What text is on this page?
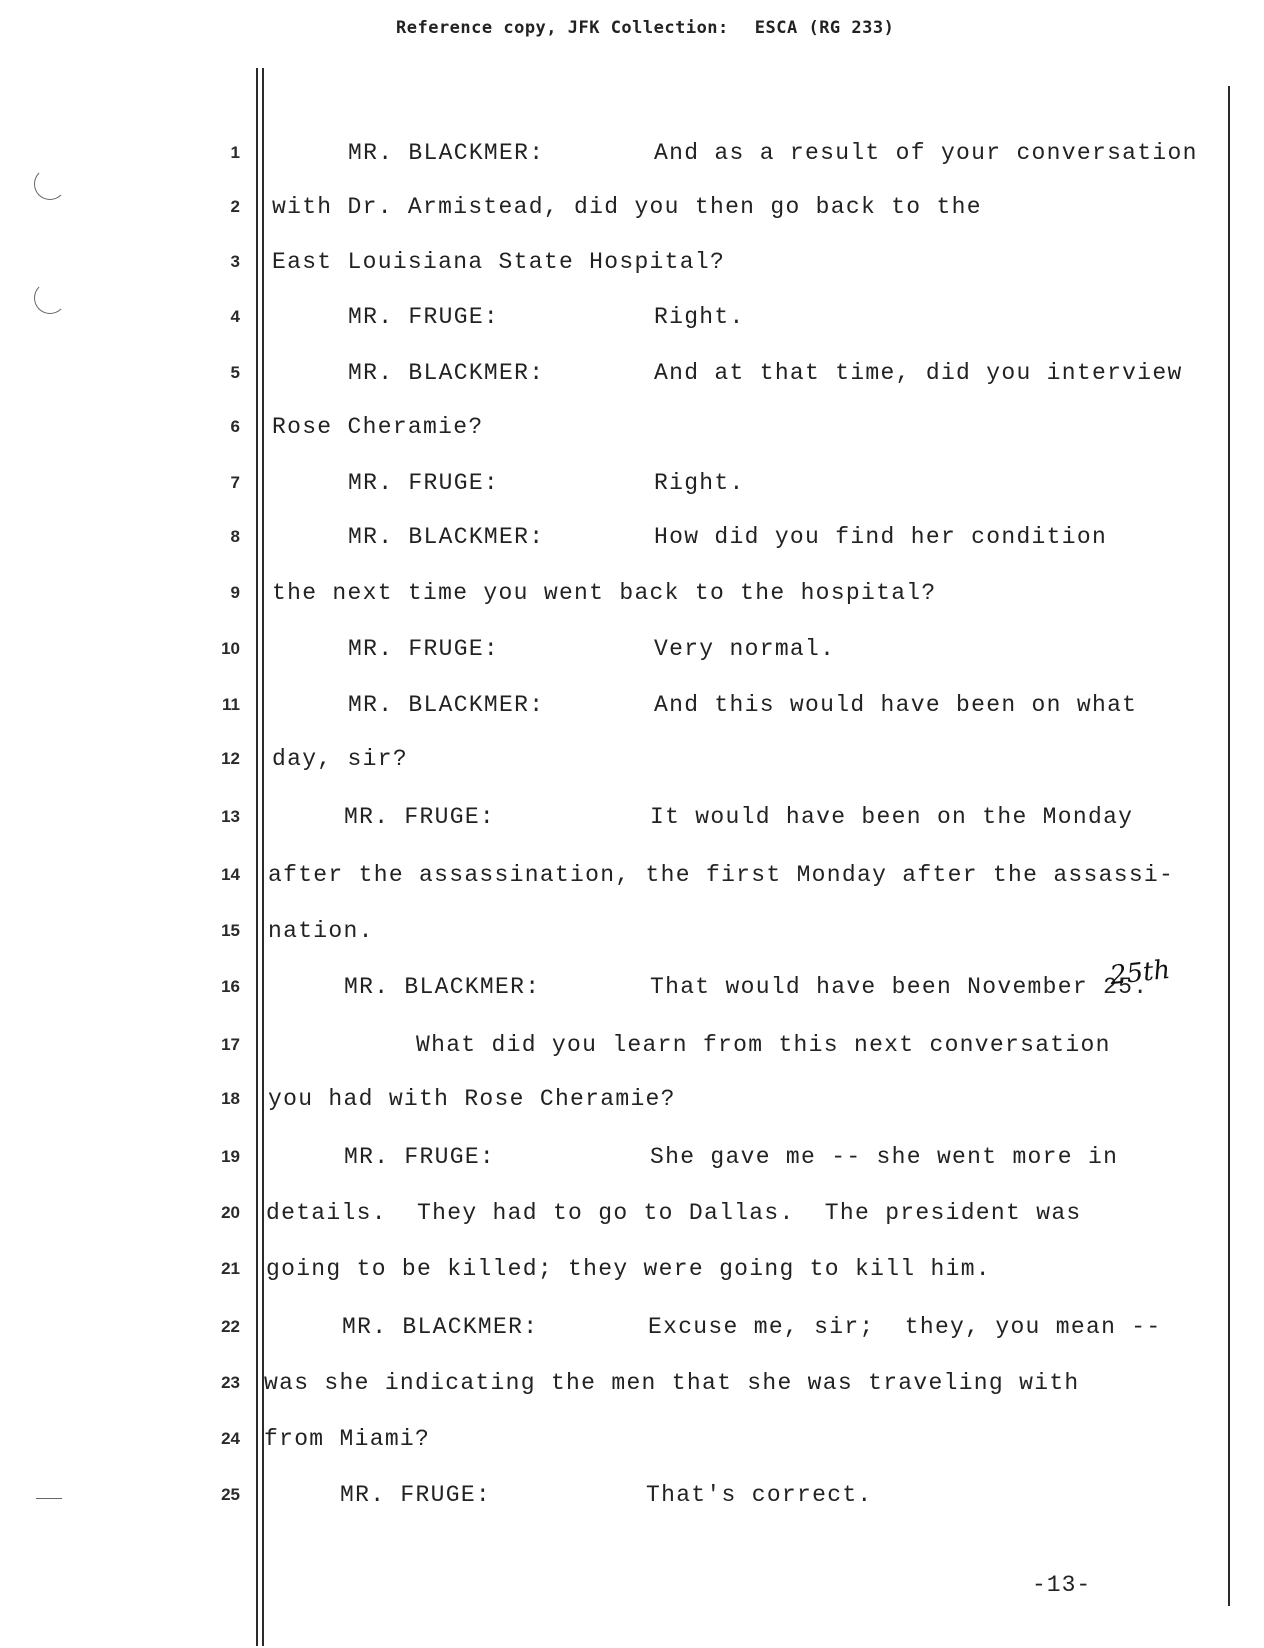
Reference copy, JFK Collection: ESCA (RG 233)
1	MR. BLACKMER:	And as a result of your conversation
2 with Dr. Armistead, did you then go back to the
3 East Louisiana State Hospital?
4	MR. FRUGE:	Right.
5	MR. BLACKMER:	And at that time, did you interview
6 Rose Cheramie?
7	MR. FRUGE:	Right.
8	MR. BLACKMER:	How did you find her condition
9 the next time you went back to the hospital?
10	MR. FRUGE:	Very normal.
11	MR. BLACKMER:	And this would have been on what
12 day, sir?
13	MR. FRUGE:	It would have been on the Monday
14 after the assassination, the first Monday after the assassi-
15 nation.
16	MR. BLACKMER:	That would have been November 25.
17	What did you learn from this next conversation
18 you had with Rose Cheramie?
19	MR. FRUGE:	She gave me -- she went more in
20 details.  They had to go to Dallas.  The president was
21 going to be killed; they were going to kill him.
22	MR. BLACKMER:	Excuse me, sir;  they, you mean --
23 was she indicating the men that she was traveling with
24 from Miami?
25	MR. FRUGE:	That's correct.
25th
-13-
